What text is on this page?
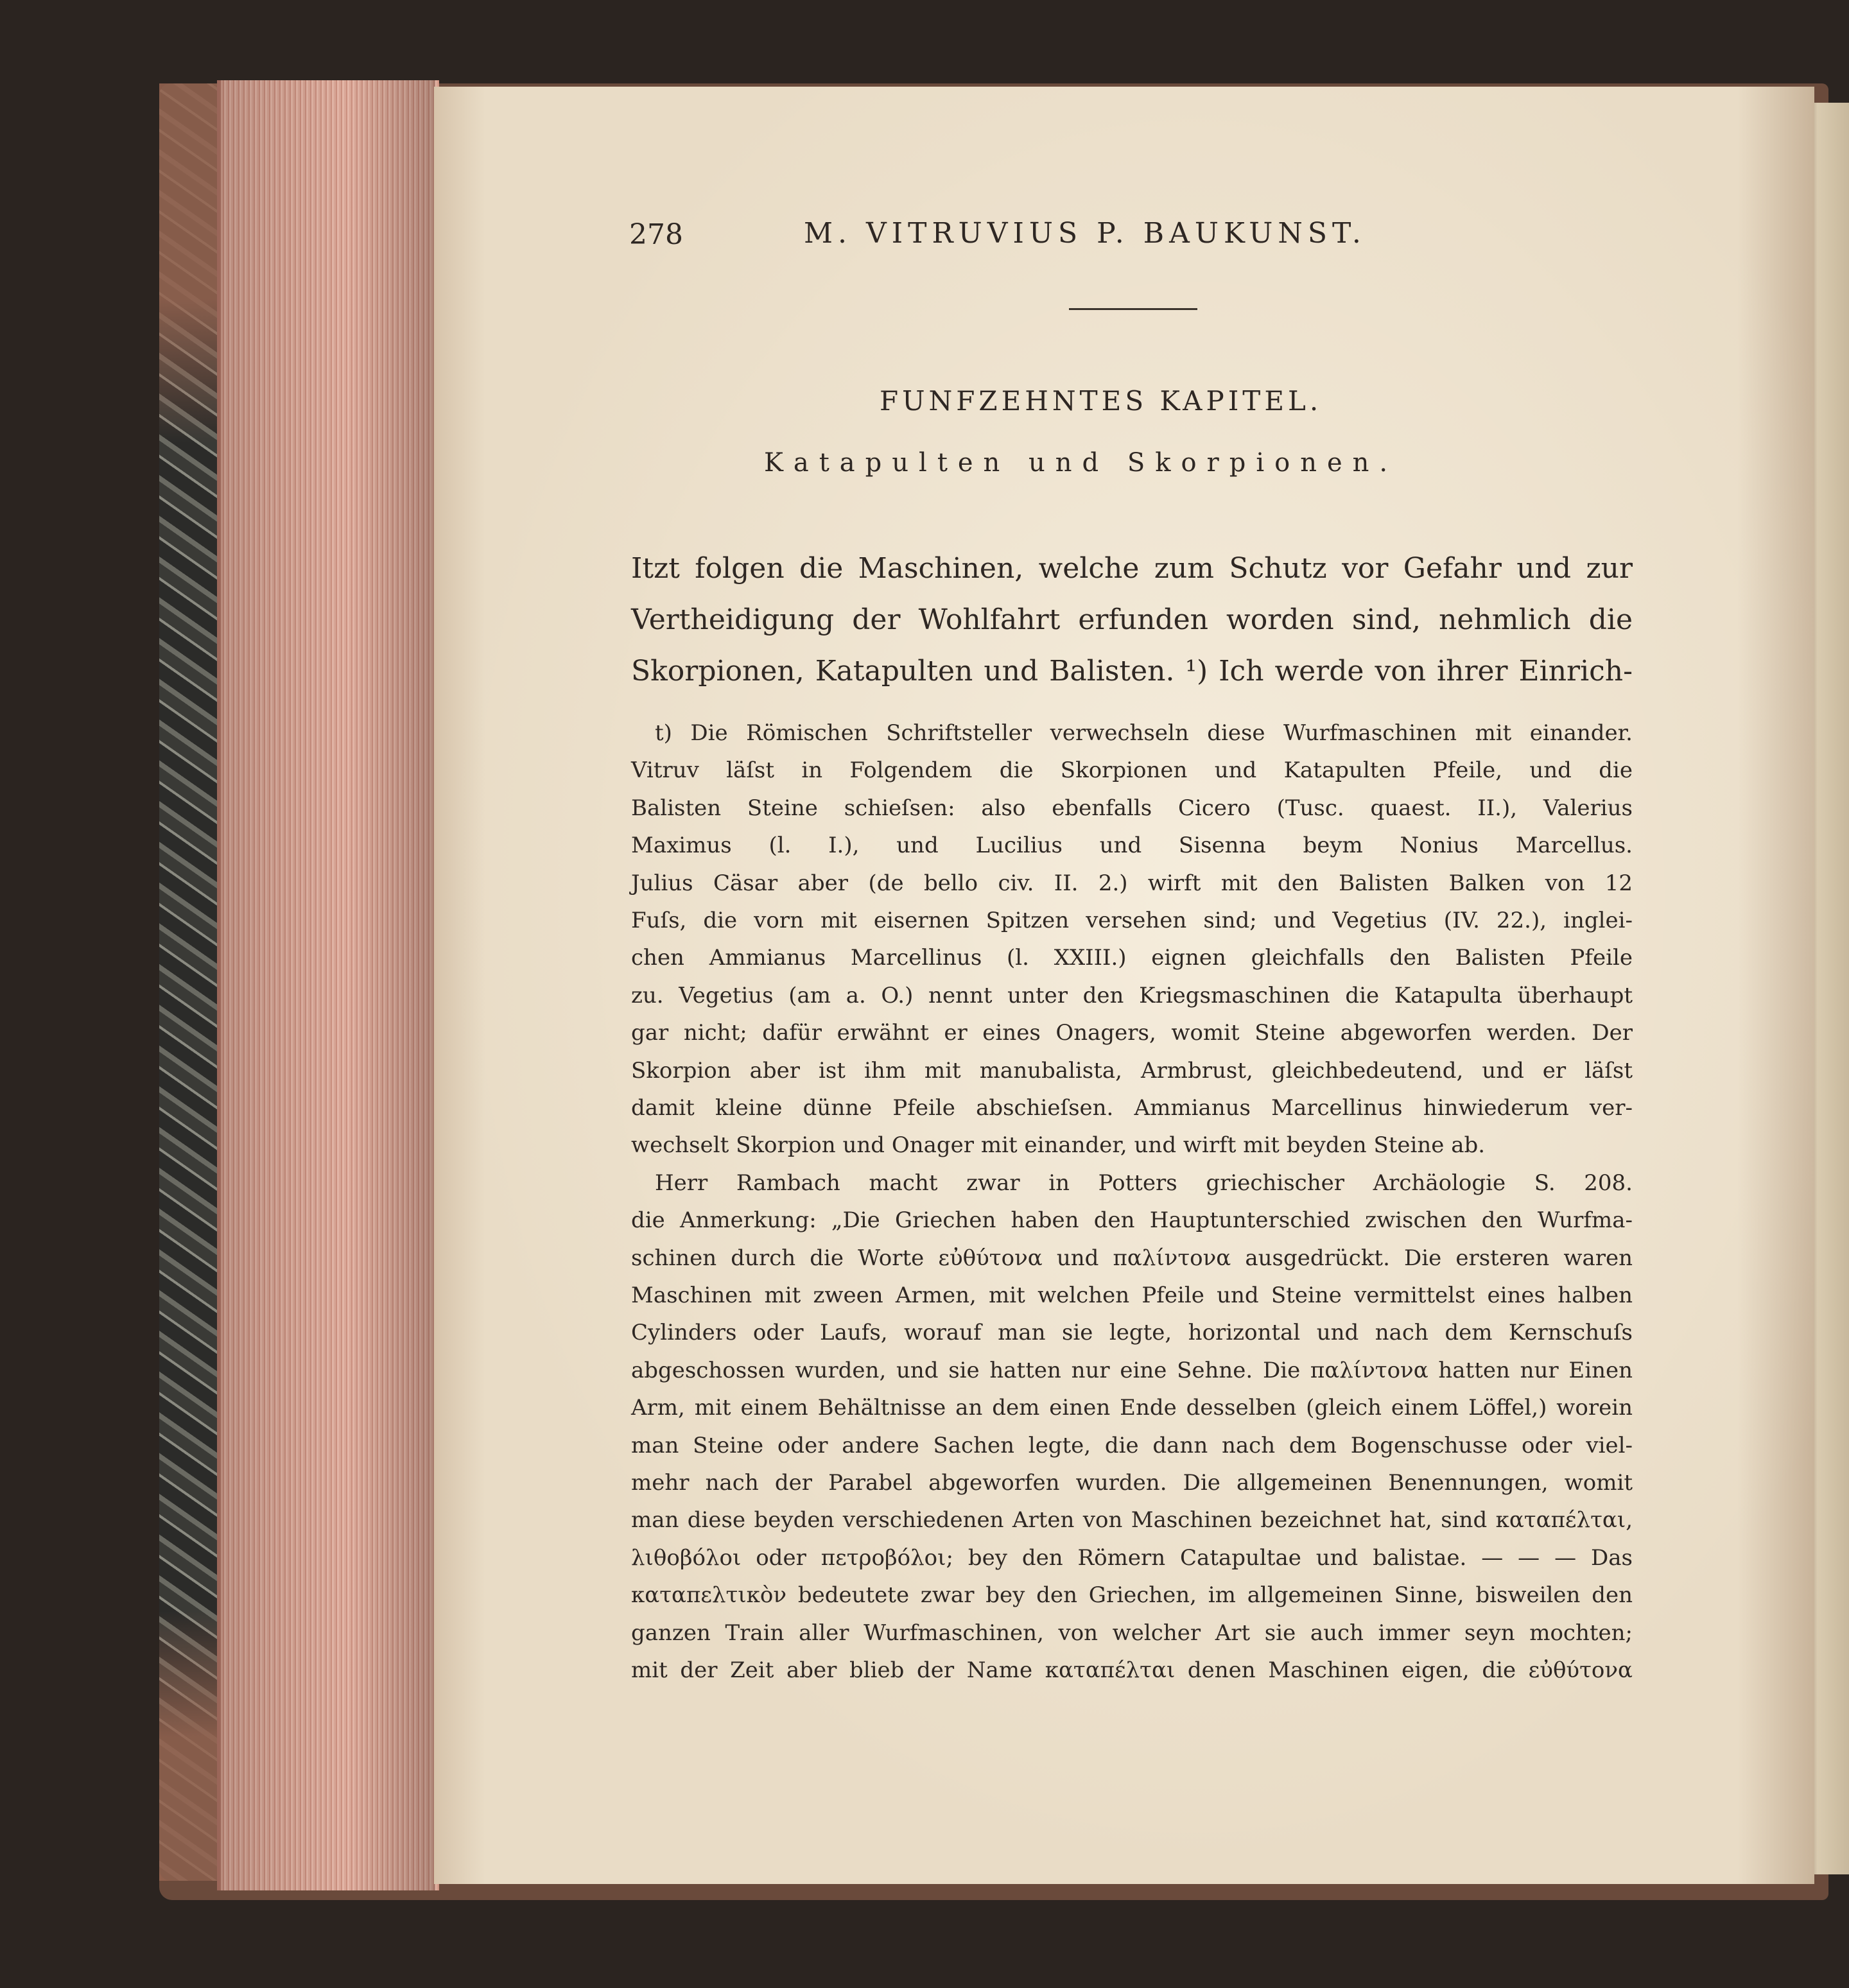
278	M. VITRUVIUS P. BAUKUNST.
FUNFZEHNTES KAPITEL.
Katapulten und Skorpionen.
Itzt folgen die Maschinen, welche zum Schutz vor Gefahr und zur
Vertheidigung der Wohlfahrt erfunden worden sind, nehmlich die
Skorpionen, Katapulten und Balisten. ¹) Ich werde von ihrer Einrich-
t) Die Römischen Schriftsteller verwechseln diese Wurfmaschinen mit einander.
Vitruv läſst in Folgendem die Skorpionen und Katapulten Pfeile, und die
Balisten Steine schieſsen: also ebenfalls Cicero (Tusc. quaest. II.), Valerius
Maximus (l. I.), und Lucilius und Sisenna beym Nonius Marcellus.
Julius Cäsar aber (de bello civ. II. 2.) wirft mit den Balisten Balken von 12
Fuſs, die vorn mit eisernen Spitzen versehen sind; und Vegetius (IV. 22.), inglei-
chen Ammianus Marcellinus (l. XXIII.) eignen gleichfalls den Balisten Pfeile
zu. Vegetius (am a. O.) nennt unter den Kriegsmaschinen die Katapulta überhaupt
gar nicht; dafür erwähnt er eines Onagers, womit Steine abgeworfen werden. Der
Skorpion aber ist ihm mit manubalista, Armbrust, gleichbedeutend, und er läſst
damit kleine dünne Pfeile abschieſsen. Ammianus Marcellinus hinwiederum ver-
wechselt Skorpion und Onager mit einander, und wirft mit beyden Steine ab.
Herr Rambach macht zwar in Potters griechischer Archäologie S. 208.
die Anmerkung: „Die Griechen haben den Hauptunterschied zwischen den Wurfma-
schinen durch die Worte εὐθύτονα und παλίντονα ausgedrückt. Die ersteren waren
Maschinen mit zween Armen, mit welchen Pfeile und Steine vermittelst eines halben
Cylinders oder Laufs, worauf man sie legte, horizontal und nach dem Kernschuſs
abgeschossen wurden, und sie hatten nur eine Sehne. Die παλίντονα hatten nur Einen
Arm, mit einem Behältnisse an dem einen Ende desselben (gleich einem Löffel,) worein
man Steine oder andere Sachen legte, die dann nach dem Bogenschusse oder viel-
mehr nach der Parabel abgeworfen wurden. Die allgemeinen Benennungen, womit
man diese beyden verschiedenen Arten von Maschinen bezeichnet hat, sind καταπέλται,
λιθοβόλοι oder πετροβόλοι; bey den Römern Catapultae und balistae. — — — Das
καταπελτικὸν bedeutete zwar bey den Griechen, im allgemeinen Sinne, bisweilen den
ganzen Train aller Wurfmaschinen, von welcher Art sie auch immer seyn mochten;
mit der Zeit aber blieb der Name καταπέλται denen Maschinen eigen, die εὐθύτονα
